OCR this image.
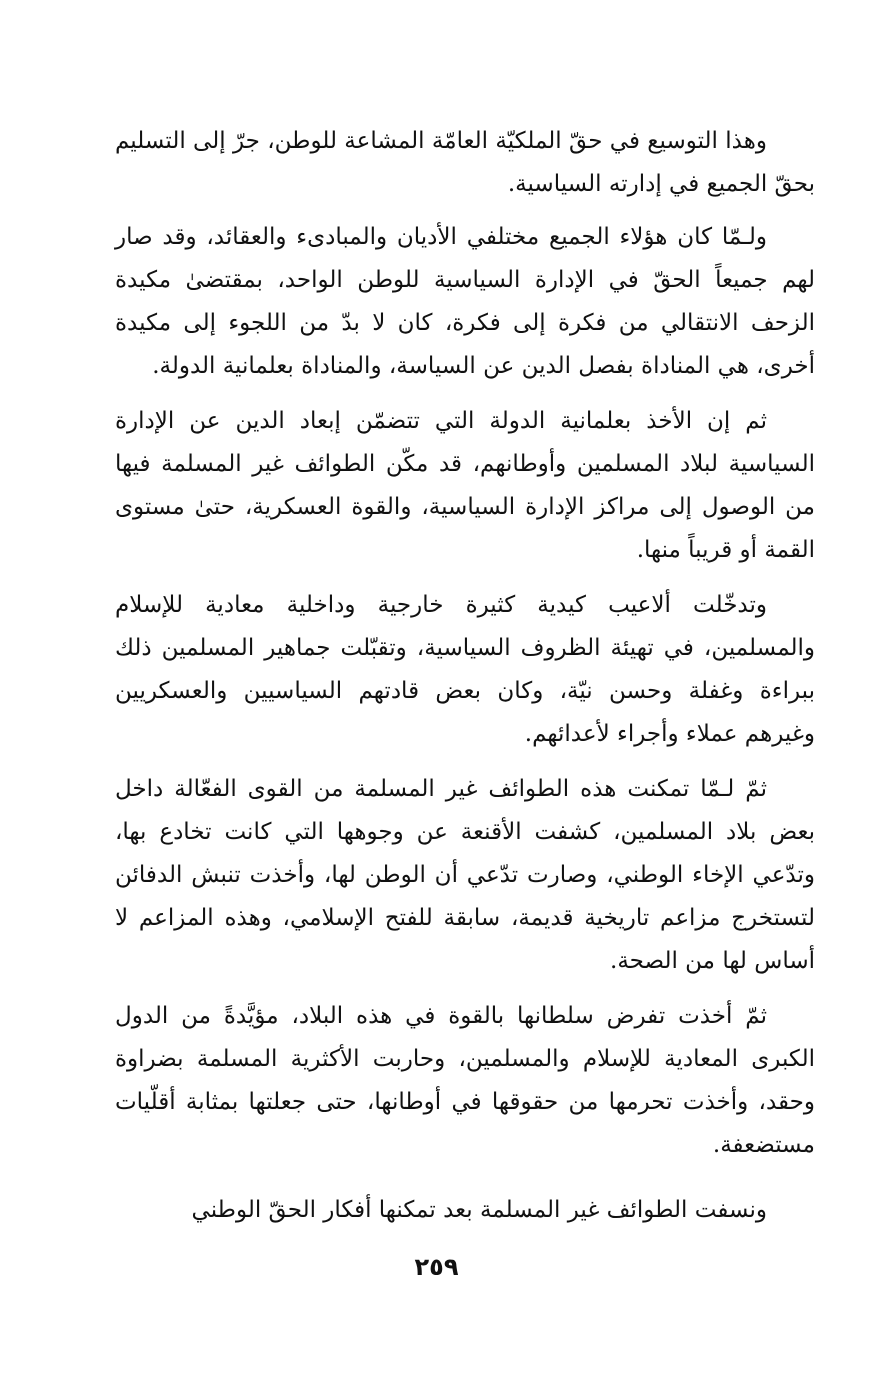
وهذا التوسيع في حقّ الملكيّة العامّة المشاعة للوطن، جرّ إلى التسليم بحقّ الجميع في إدارته السياسية.

ولـمّا كان هؤلاء الجميع مختلفي الأديان والمبادىء والعقائد، وقد صار لهم جميعاً الحقّ في الإدارة السياسية للوطن الواحد، بمقتضىٰ مكيدة الزحف الانتقالي من فكرة إلى فكرة، كان لا بدّ من اللجوء إلى مكيدة أخرى، هي المناداة بفصل الدين عن السياسة، والمناداة بعلمانية الدولة.

ثم إن الأخذ بعلمانية الدولة التي تتضمّن إبعاد الدين عن الإدارة السياسية لبلاد المسلمين وأوطانهم، قد مكّن الطوائف غير المسلمة فيها من الوصول إلى مراكز الإدارة السياسية، والقوة العسكرية، حتىٰ مستوى القمة أو قريباً منها.

وتدخّلت ألاعيب كيدية كثيرة خارجية وداخلية معادية للإسلام والمسلمين، في تهيئة الظروف السياسية، وتقبّلت جماهير المسلمين ذلك ببراءة وغفلة وحسن نيّة، وكان بعض قادتهم السياسيين والعسكريين وغيرهم عملاء وأجراء لأعدائهم.

ثمّ لـمّا تمكنت هذه الطوائف غير المسلمة من القوى الفعّالة داخل بعض بلاد المسلمين، كشفت الأقنعة عن وجوهها التي كانت تخادع بها، وتدّعي الإخاء الوطني، وصارت تدّعي أن الوطن لها، وأخذت تنبش الدفائن لتستخرج مزاعم تاريخية قديمة، سابقة للفتح الإسلامي، وهذه المزاعم لا أساس لها من الصحة.

ثمّ أخذت تفرض سلطانها بالقوة في هذه البلاد، مؤيَّدةً من الدول الكبرى المعادية للإسلام والمسلمين، وحاربت الأكثرية المسلمة بضراوة وحقد، وأخذت تحرمها من حقوقها في أوطانها، حتى جعلتها بمثابة أقلّيات مستضعفة.

ونسفت الطوائف غير المسلمة بعد تمكنها أفكار الحقّ الوطني

٢٥٩
